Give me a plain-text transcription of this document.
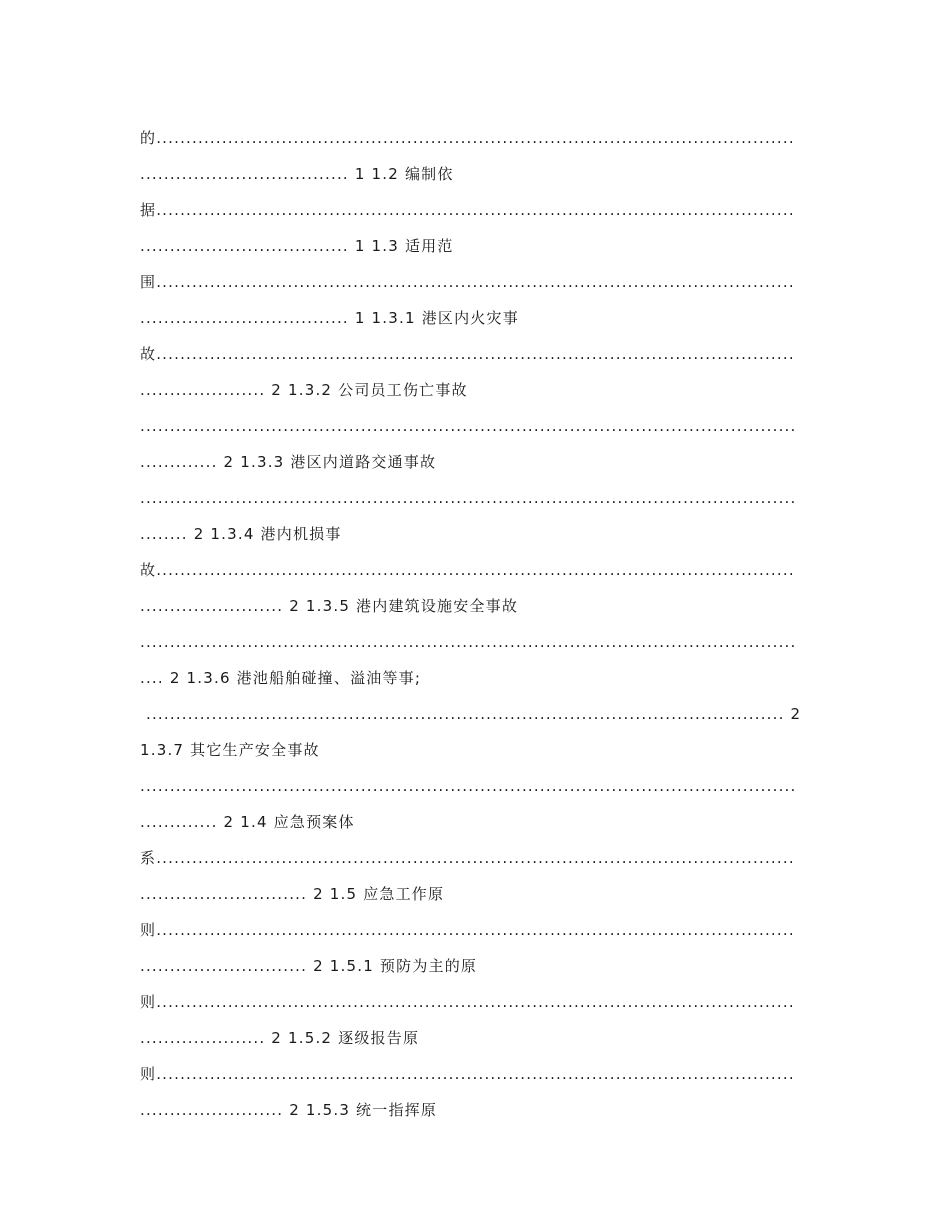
的...........................................................................................................
................................... 1 1.2 编制依
据...........................................................................................................
................................... 1 1.3 适用范
围...........................................................................................................
................................... 1 1.3.1 港区内火灾事
故...........................................................................................................
..................... 2 1.3.2 公司员工伤亡事故
..............................................................................................................
............. 2 1.3.3 港区内道路交通事故
..............................................................................................................
........ 2 1.3.4 港内机损事
故...........................................................................................................
........................ 2 1.3.5 港内建筑设施安全事故
..............................................................................................................
.... 2 1.3.6 港池船舶碰撞、溢油等事;
........................................................................................................... 2
1.3.7 其它生产安全事故
..............................................................................................................
............. 2 1.4 应急预案体
系...........................................................................................................
............................ 2 1.5 应急工作原
则...........................................................................................................
............................ 2 1.5.1 预防为主的原
则...........................................................................................................
..................... 2 1.5.2 逐级报告原
则...........................................................................................................
........................ 2 1.5.3 统一指挥原
